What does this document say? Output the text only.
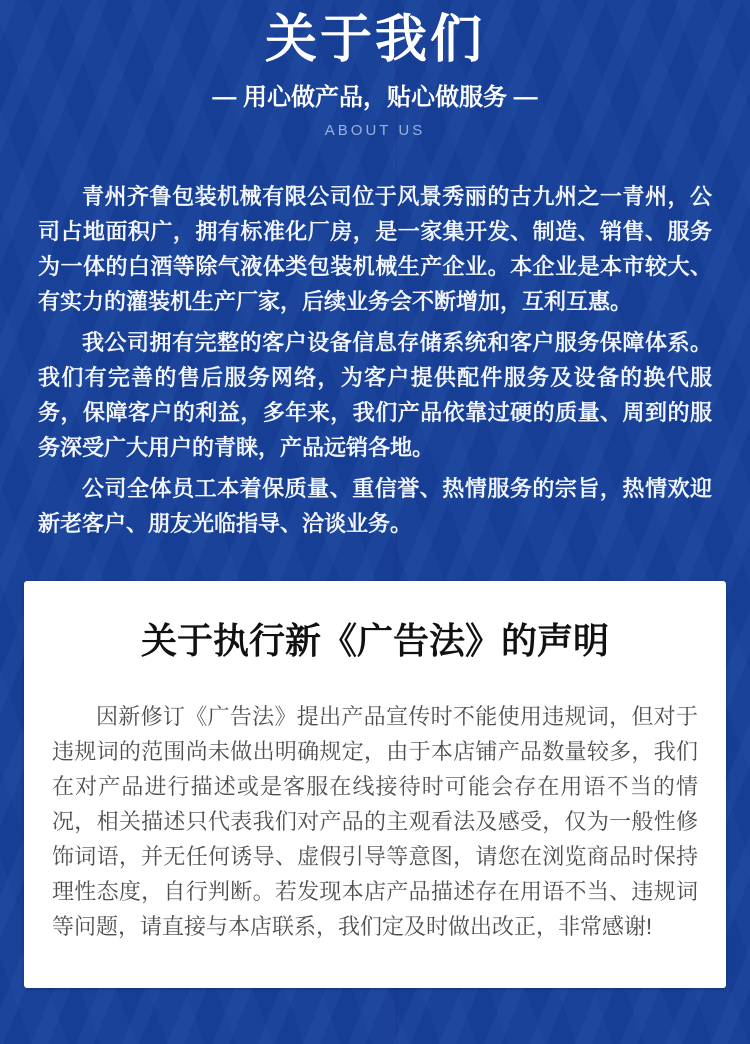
关于我们
— 用心做产品，贴心做服务 —
ABOUT US

青州齐鲁包装机械有限公司位于风景秀丽的古九州之一青州，公司占地面积广，拥有标准化厂房，是一家集开发、制造、销售、服务为一体的白酒等除气液体类包装机械生产企业。本企业是本市较大、有实力的灌装机生产厂家，后续业务会不断增加，互利互惠。

我公司拥有完整的客户设备信息存储系统和客户服务保障体系。我们有完善的售后服务网络，为客户提供配件服务及设备的换代服务，保障客户的利益，多年来，我们产品依靠过硬的质量、周到的服务深受广大用户的青睐，产品远销各地。

公司全体员工本着保质量、重信誉、热情服务的宗旨，热情欢迎新老客户、朋友光临指导、洽谈业务。

关于执行新《广告法》的声明

因新修订《广告法》提出产品宣传时不能使用违规词，但对于违规词的范围尚未做出明确规定，由于本店铺产品数量较多，我们在对产品进行描述或是客服在线接待时可能会存在用语不当的情况，相关描述只代表我们对产品的主观看法及感受，仅为一般性修饰词语，并无任何诱导、虚假引导等意图，请您在浏览商品时保持理性态度，自行判断。若发现本店产品描述存在用语不当、违规词等问题，请直接与本店联系，我们定及时做出改正，非常感谢!
